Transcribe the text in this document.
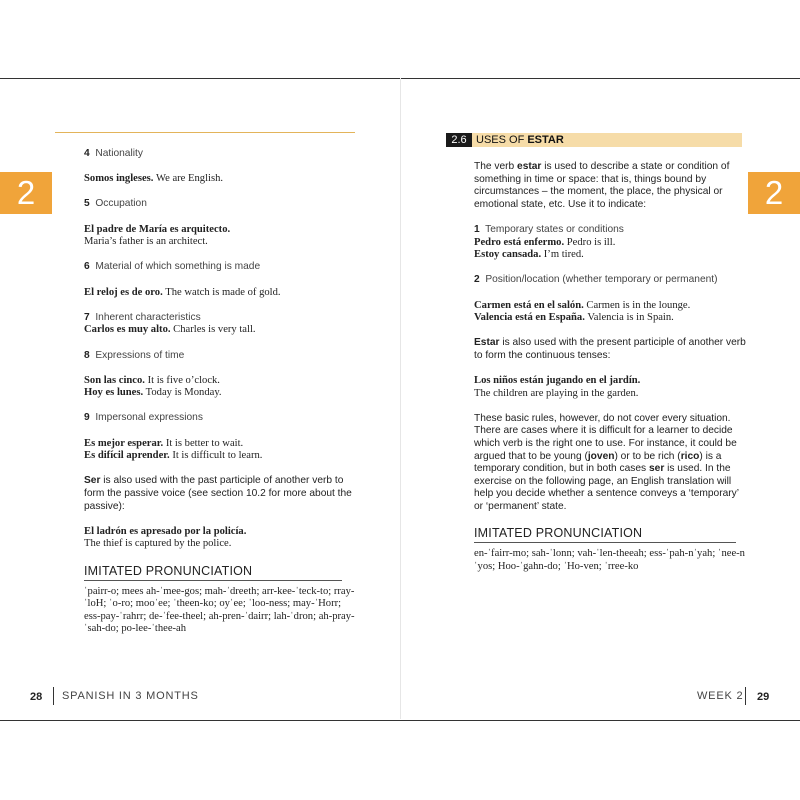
2	2

4 Nationality

Somos ingleses. We are English.

5 Occupation

El padre de María es arquitecto.
Maria’s father is an architect.

6 Material of which something is made

El reloj es de oro. The watch is made of gold.

7 Inherent characteristics
Carlos es muy alto. Charles is very tall.

8 Expressions of time

Son las cinco. It is five o’clock.
Hoy es lunes. Today is Monday.

9 Impersonal expressions

Es mejor esperar. It is better to wait.
Es difícil aprender. It is difficult to learn.

Ser is also used with the past participle of another verb to form the passive voice (see section 10.2 for more about the passive):

El ladrón es apresado por la policía.
The thief is captured by the police.

IMITATED PRONUNCIATION
ˈpairr-o; mees ah-ˈmee-gos; mah-ˈdreeth; arr-kee-ˈteck-to; rray-ˈloH; ˈo-ro; mooˈee; ˈtheen-ko; oyˈee; ˈloo-ness; may-ˈHorr; ess-pay-ˈrahrr; de-ˈfee-theel; ah-pren-ˈdairr; lah-ˈdron; ah-pray-ˈsah-do; po-lee-ˈthee-ah
2.6 USES OF ESTAR

The verb estar is used to describe a state or condition of something in time or space: that is, things bound by circumstances – the moment, the place, the physical or emotional state, etc. Use it to indicate:

1 Temporary states or conditions
Pedro está enfermo. Pedro is ill.
Estoy cansada. I’m tired.

2 Position/location (whether temporary or permanent)

Carmen está en el salón. Carmen is in the lounge.
Valencia está en España. Valencia is in Spain.

Estar is also used with the present participle of another verb to form the continuous tenses:

Los niños están jugando en el jardín.
The children are playing in the garden.

These basic rules, however, do not cover every situation. There are cases where it is difficult for a learner to decide which verb is the right one to use. For instance, it could be argued that to be young (joven) or to be rich (rico) is a temporary condition, but in both cases ser is used. In the exercise on the following page, an English translation will help you decide whether a sentence conveys a ‘temporary’ or ‘permanent’ state.

IMITATED PRONUNCIATION
en-ˈfairr-mo; sah-ˈlonn; vah-ˈlen-theeah; ess-ˈpah-nˈyah; ˈnee-nˈyos; Hoo-ˈgahn-do; ˈHo-ven; ˈrree-ko
28 SPANISH IN 3 MONTHS	WEEK 2 29
